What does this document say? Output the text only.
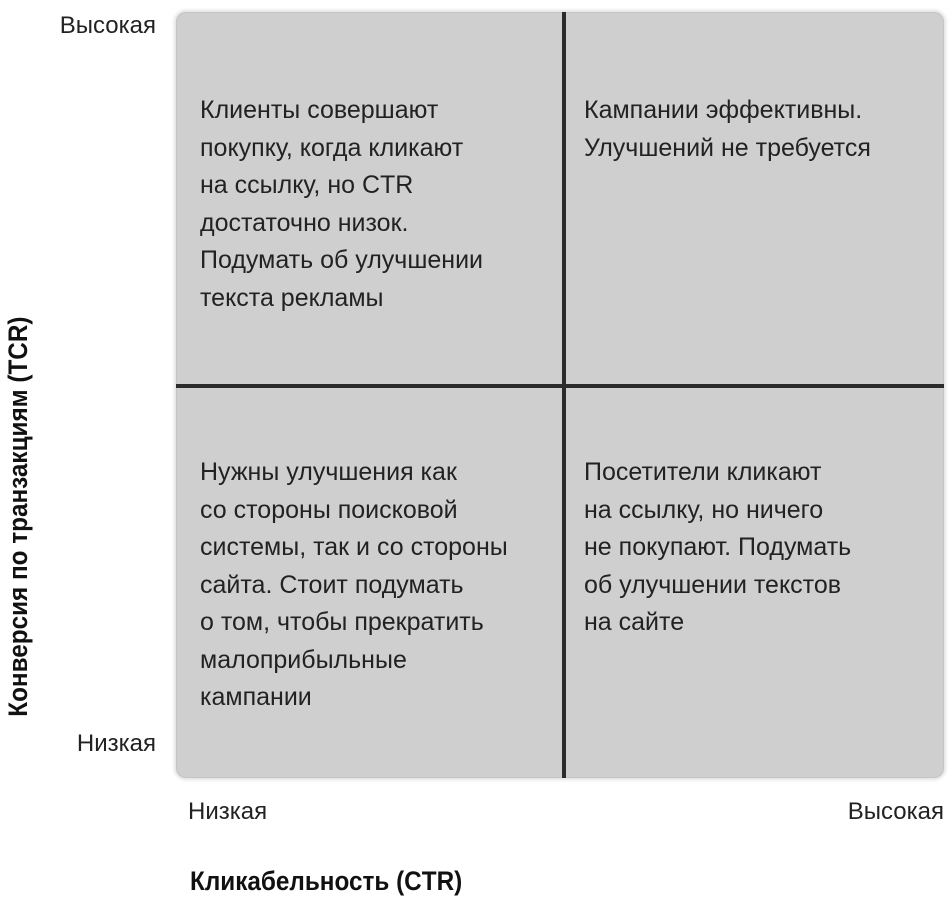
Высокая
Низкая
Конверсия по транзакциям (TCR)
Клиенты совершают
покупку, когда кликают
на ссылку, но CTR
достаточно низок.
Подумать об улучшении
текста рекламы
Кампании эффективны.
Улучшений не требуется
Нужны улучшения как
со стороны поисковой
системы, так и со стороны
сайта. Стоит подумать
о том, чтобы прекратить
малоприбыльные
кампании
Посетители кликают
на ссылку, но ничего
не покупают. Подумать
об улучшении текстов
на сайте
Низкая	Высокая
Кликабельность (CTR)
